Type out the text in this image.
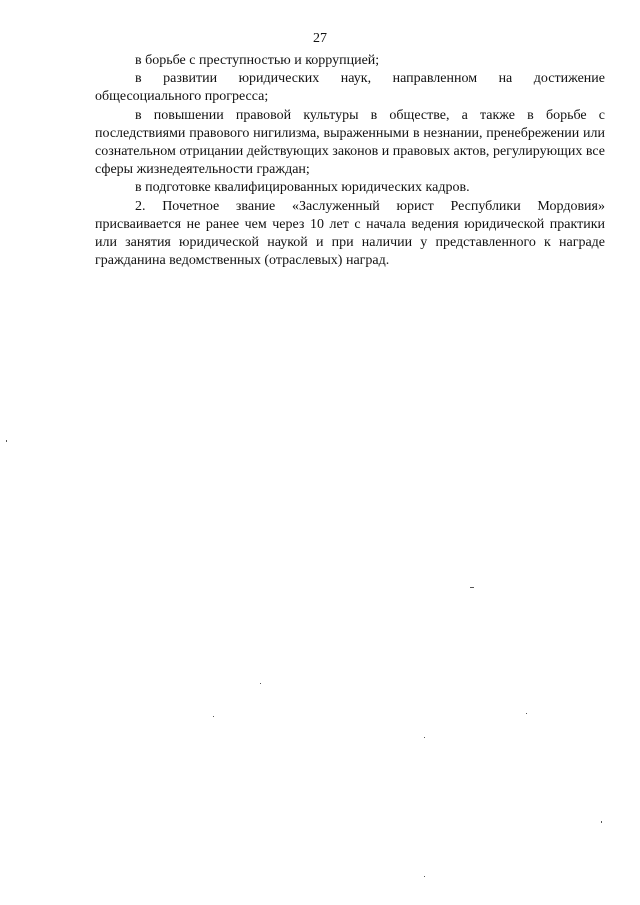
27

в борьбе с преступностью и коррупцией;

в развитии юридических наук, направленном на достижение общесоциального прогресса;

в повышении правовой культуры в обществе, а также в борьбе с последствиями правового нигилизма, выраженными в незнании, пренебрежении или сознательном отрицании действующих законов и правовых актов, регулирующих все сферы жизнедеятельности граждан;

в подготовке квалифицированных юридических кадров.

2. Почетное звание «Заслуженный юрист Республики Мордовия» присваивается не ранее чем через 10 лет с начала ведения юридической практики или занятия юридической наукой и при наличии у представленного к награде гражданина ведомственных (отраслевых) наград.
